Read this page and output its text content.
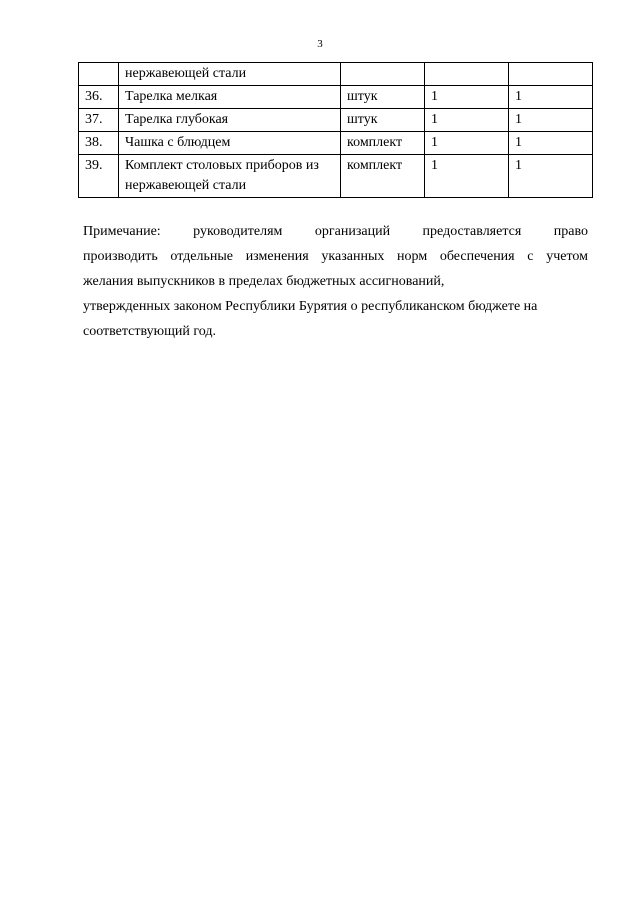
3
	нержавеющей стали			
36.	Тарелка мелкая	штук	1	1
37.	Тарелка глубокая	штук	1	1
38.	Чашка с блюдцем	комплект	1	1
39.	Комплект столовых приборов из нержавеющей стали	комплект	1	1

Примечание: руководителям организаций предоставляется право

производить отдельные изменения указанных норм обеспечения с учетом

желания выпускников в пределах бюджетных ассигнований,

утвержденных законом Республики Бурятия о республиканском бюджете на

соответствующий год.
